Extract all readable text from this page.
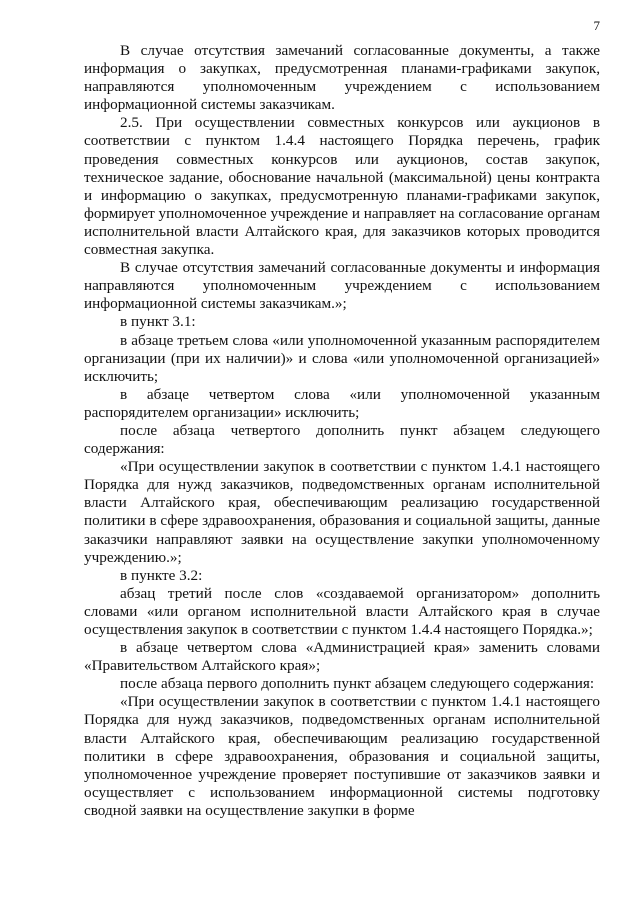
7

В случае отсутствия замечаний согласованные документы, а также информация о закупках, предусмотренная планами-графиками закупок, направляются уполномоченным учреждением с использованием информационной системы заказчикам.

2.5. При осуществлении совместных конкурсов или аукционов в соответствии с пунктом 1.4.4 настоящего Порядка перечень, график проведения совместных конкурсов или аукционов, состав закупок, техническое задание, обоснование начальной (максимальной) цены контракта и информацию о закупках, предусмотренную планами-графиками закупок, формирует уполномоченное учреждение и направляет на согласование органам исполнительной власти Алтайского края, для заказчиков которых проводится совместная закупка.

В случае отсутствия замечаний согласованные документы и информация направляются уполномоченным учреждением с использованием информационной системы заказчикам.»;

в пункт 3.1:

в абзаце третьем слова «или уполномоченной указанным распорядителем организации (при их наличии)» и слова «или уполномоченной организацией» исключить;

в абзаце четвертом слова «или уполномоченной указанным распорядителем организации» исключить;

после абзаца четвертого дополнить пункт абзацем следующего содержания:

«При осуществлении закупок в соответствии с пунктом 1.4.1 настоящего Порядка для нужд заказчиков, подведомственных органам исполнительной власти Алтайского края, обеспечивающим реализацию государственной политики в сфере здравоохранения, образования и социальной защиты, данные заказчики направляют заявки на осуществление закупки уполномоченному учреждению.»;

в пункте 3.2:

абзац третий после слов «создаваемой организатором» дополнить словами «или органом исполнительной власти Алтайского края в случае осуществления закупок в соответствии с пунктом 1.4.4 настоящего Порядка.»;

в абзаце четвертом слова «Администрацией края» заменить словами «Правительством Алтайского края»;

после абзаца первого дополнить пункт абзацем следующего содержания:

«При осуществлении закупок в соответствии с пунктом 1.4.1 настоящего Порядка для нужд заказчиков, подведомственных органам исполнительной власти Алтайского края, обеспечивающим реализацию государственной политики в сфере здравоохранения, образования и социальной защиты, уполномоченное учреждение проверяет поступившие от заказчиков заявки и осуществляет с использованием информационной системы подготовку сводной заявки на осуществление закупки в форме
